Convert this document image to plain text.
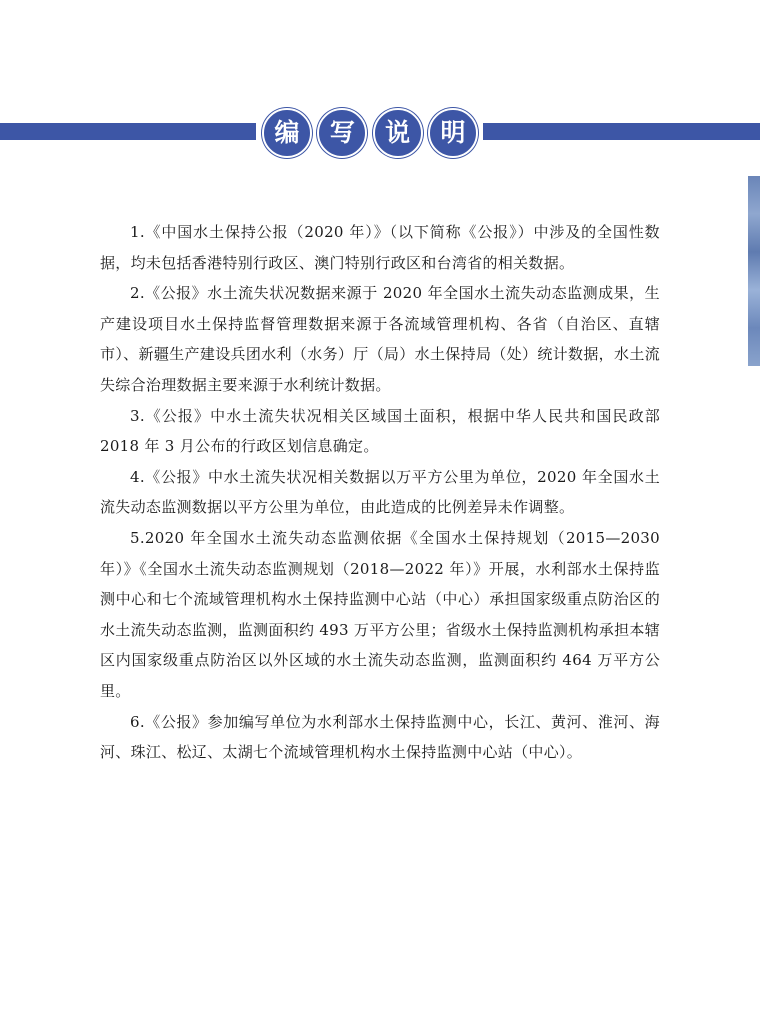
编	写	说	明

1.《中国水土保持公报（2020 年）》（以下简称《公报》）中涉及的全国性数据，均未包括香港特别行政区、澳门特别行政区和台湾省的相关数据。

2.《公报》水土流失状况数据来源于 2020 年全国水土流失动态监测成果，生产建设项目水土保持监督管理数据来源于各流域管理机构、各省（自治区、直辖市）、新疆生产建设兵团水利（水务）厅（局）水土保持局（处）统计数据，水土流失综合治理数据主要来源于水利统计数据。

3.《公报》中水土流失状况相关区域国土面积，根据中华人民共和国民政部 2018 年 3 月公布的行政区划信息确定。

4.《公报》中水土流失状况相关数据以万平方公里为单位，2020 年全国水土流失动态监测数据以平方公里为单位，由此造成的比例差异未作调整。

5.2020 年全国水土流失动态监测依据《全国水土保持规划（2015—2030 年）》《全国水土流失动态监测规划（2018—2022 年）》开展，水利部水土保持监测中心和七个流域管理机构水土保持监测中心站（中心）承担国家级重点防治区的水土流失动态监测，监测面积约 493 万平方公里；省级水土保持监测机构承担本辖区内国家级重点防治区以外区域的水土流失动态监测，监测面积约 464 万平方公里。

6.《公报》参加编写单位为水利部水土保持监测中心，长江、黄河、淮河、海河、珠江、松辽、太湖七个流域管理机构水土保持监测中心站（中心）。
